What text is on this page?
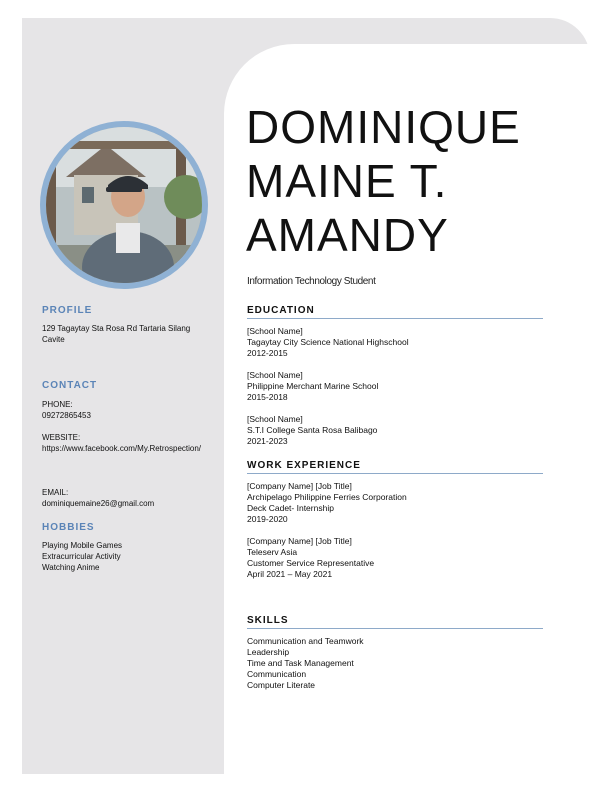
PROFILE

129 Tagaytay Sta Rosa Rd Tartaria Silang Cavite

CONTACT

PHONE:

09272865453

WEBSITE:

https://www.facebook.com/My.Retrospection/

EMAIL:

dominiquemaine26@gmail.com

HOBBIES

Playing Mobile Games

Extracurricular Activity

Watching Anime

DOMINIQUE
MAINE T.
AMANDY

Information Technology Student

EDUCATION
[School Name]
Tagaytay City Science National Highschool
2012-2015
[School Name]
Philippine Merchant Marine School
2015-2018
[School Name]
S.T.I College Santa Rosa Balibago
2021-2023
WORK EXPERIENCE
[Company Name] [Job Title]
Archipelago Philippine Ferries Corporation
Deck Cadet- Internship
2019-2020
[Company Name] [Job Title]
Teleserv Asia
Customer Service Representative
April 2021 – May 2021
SKILLS
Communication and Teamwork
Leadership
Time and Task Management
Communication
Computer Literate
